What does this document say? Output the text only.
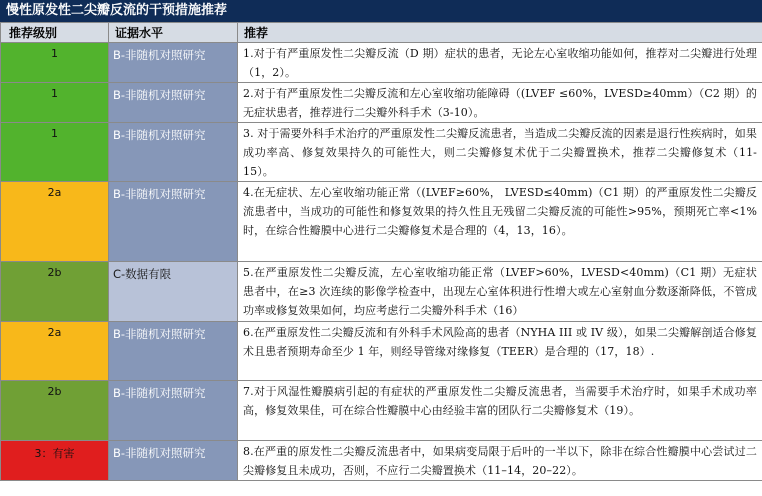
慢性原发性二尖瓣反流的干预措施推荐
推荐级别	证据水平	推荐
1	B-非随机对照研究	1.对于有严重原发性二尖瓣反流（D 期）症状的患者，无论左心室收缩功能如何，推荐对二尖瓣进行处理（1，2）。
1	B-非随机对照研究	2.对于有严重原发性二尖瓣反流和左心室收缩功能障碍（(LVEF ≤60%，LVESD≥40mm）（C2 期）的无症状患者，推荐进行二尖瓣外科手术（3-10）。
1	B-非随机对照研究	3. 对于需要外科手术治疗的严重原发性二尖瓣反流患者，当造成二尖瓣反流的因素是退行性疾病时，如果成功率高、修复效果持久的可能性大，则二尖瓣修复术优于二尖瓣置换术，推荐二尖瓣修复术（11-15）。
2a	B-非随机对照研究	4.在无症状、左心室收缩功能正常（(LVEF≥60%， LVESD≤40mm)（C1 期）的严重原发性二尖瓣反流患者中，当成功的可能性和修复效果的持久性且无残留二尖瓣反流的可能性>95%，预期死亡率<1%时，在综合性瓣膜中心进行二尖瓣修复术是合理的（4，13，16）。
2b	C-数据有限	5.在严重原发性二尖瓣反流，左心室收缩功能正常（LVEF>60%，LVESD<40mm)（C1 期）无症状患者中，在≥3 次连续的影像学检查中，出现左心室体积进行性增大或左心室射血分数逐渐降低，不管成功率或修复效果如何，均应考虑行二尖瓣外科手术（16）
2a	B-非随机对照研究	6.在严重原发性二尖瓣反流和有外科手术风险高的患者（NYHA III 或 IV 级），如果二尖瓣解剖适合修复术且患者预期寿命至少 1 年，则经导管缘对缘修复（TEER）是合理的（17，18）.
2b	B-非随机对照研究	7.对于风湿性瓣膜病引起的有症状的严重原发性二尖瓣反流患者，当需要手术治疗时，如果手术成功率高，修复效果佳，可在综合性瓣膜中心由经验丰富的团队行二尖瓣修复术（19）。
3：有害	B-非随机对照研究	8.在严重的原发性二尖瓣反流患者中，如果病变局限于后叶的一半以下，除非在综合性瓣膜中心尝试过二尖瓣修复且未成功，否则，不应行二尖瓣置换术（11–14，20–22）。
